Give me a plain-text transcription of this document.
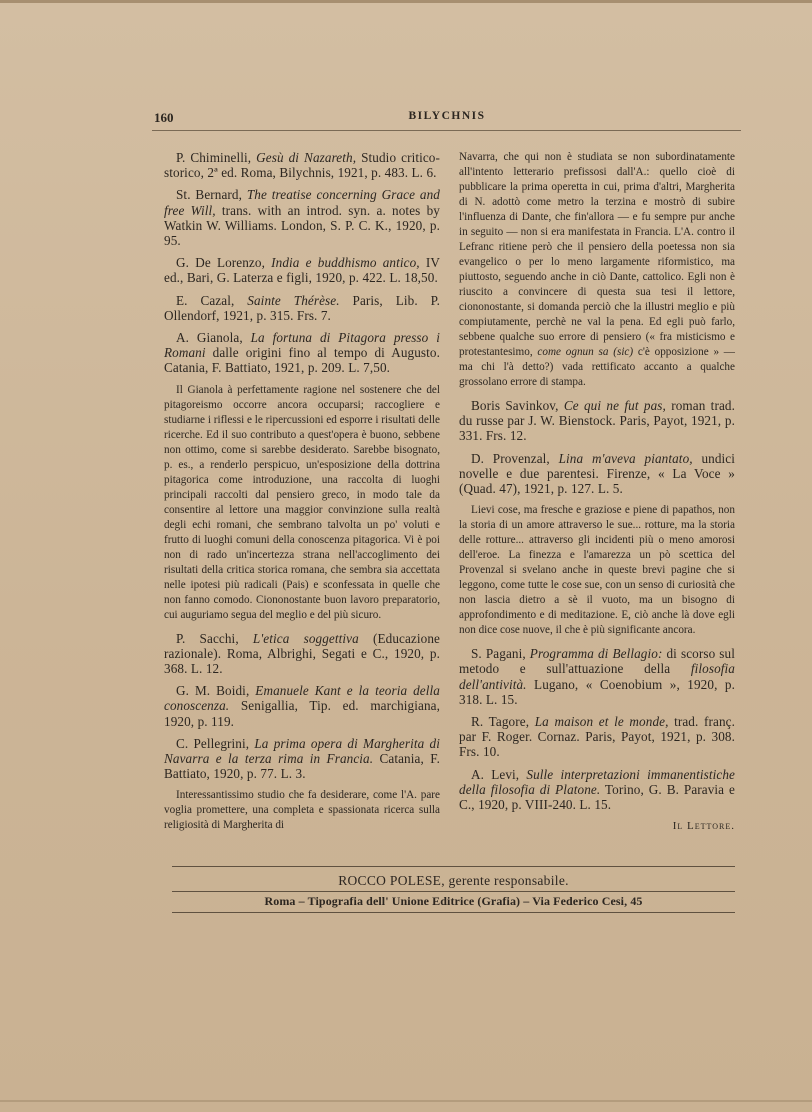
160	BILYCHNIS

P. Chiminelli, Gesù di Nazareth, Studio critico-storico, 2ª ed. Roma, Bilychnis, 1921, p. 483. L. 6.

St. Bernard, The treatise concerning Grace and free Will, trans. with an introd. syn. a. notes by Watkin W. Williams. London, S. P. C. K., 1920, p. 95.

G. De Lorenzo, India e buddhismo antico, IV ed., Bari, G. Laterza e figli, 1920, p. 422. L. 18,50.

E. Cazal, Sainte Thérèse. Paris, Lib. P. Ollendorf, 1921, p. 315. Frs. 7.

A. Gianola, La fortuna di Pitagora presso i Romani dalle origini fino al tempo di Augusto. Catania, F. Battiato, 1921, p. 209. L. 7,50.

Il Gianola à perfettamente ragione nel sostenere che del pitagoreismo occorre ancora occuparsi; raccogliere e studiarne i riflessi e le ripercussioni ed esporre i risultati delle ricerche. Ed il suo contributo a quest'opera è buono, sebbene non ottimo, come si sarebbe desiderato. Sarebbe bisognato, p. es., a renderlo perspicuo, un'esposizione della dottrina pitagorica come introduzione, una raccolta di luoghi principali raccolti dal pensiero greco, in modo tale da consentire al lettore una maggior convinzione sulla realtà degli echi romani, che sembrano talvolta un po' voluti e frutto di luoghi comuni della conoscenza pitagorica. Vi è poi non di rado un'incertezza strana nell'accoglimento dei risultati della critica storica romana, che sembra sia accettata nelle ipotesi più radicali (Pais) e sconfessata in quelle che non fanno comodo. Ciononostante buon lavoro preparatorio, cui auguriamo segua del meglio e del più sicuro.

P. Sacchi, L'etica soggettiva (Educazione razionale). Roma, Albrighi, Segati e C., 1920, p. 368. L. 12.

G. M. Boidi, Emanuele Kant e la teoria della conoscenza. Senigallia, Tip. ed. marchigiana, 1920, p. 119.

C. Pellegrini, La prima opera di Margherita di Navarra e la terza rima in Francia. Catania, F. Battiato, 1920, p. 77. L. 3.

Interessantissimo studio che fa desiderare, come l'A. pare voglia promettere, una completa e spassionata ricerca sulla religiosità di Margherita di

Navarra, che qui non è studiata se non subordinatamente all'intento letterario prefissosi dall'A.: quello cioè di pubblicare la prima operetta in cui, prima d'altri, Margherita di N. adottò come metro la terzina e mostrò di subire l'influenza di Dante, che fin'allora — e fu sempre pur anche in seguito — non si era manifestata in Francia. L'A. contro il Lefranc ritiene però che il pensiero della poetessa non sia evangelico o per lo meno largamente riformistico, ma piuttosto, seguendo anche in ciò Dante, cattolico. Egli non è riuscito a convincere di questa sua tesi il lettore, ciononostante, si domanda perciò che la illustri meglio e più compiutamente, perchè ne val la pena. Ed egli può farlo, sebbene qualche suo errore di pensiero (« fra misticismo e protestantesimo, come ognun sa (sic) c'è opposizione » — ma chi l'à detto?) vada rettificato accanto a qualche grossolano errore di stampa.

Boris Savinkov, Ce qui ne fut pas, roman trad. du russe par J. W. Bienstock. Paris, Payot, 1921, p. 331. Frs. 12.

D. Provenzal, Lina m'aveva piantato, undici novelle e due parentesi. Firenze, « La Voce » (Quad. 47), 1921, p. 127. L. 5.

Lievi cose, ma fresche e graziose e piene di papathos, non la storia di un amore attraverso le sue... rotture, ma la storia delle rotture... attraverso gli incidenti più o meno amorosi dell'eroe. La finezza e l'amarezza un pò scettica del Provenzal si svelano anche in queste brevi pagine che si leggono, come tutte le cose sue, con un senso di curiosità che non lascia dietro a sè il vuoto, ma un bisogno di approfondimento e di meditazione. E, ciò anche là dove egli non dice cose nuove, il che è più significante ancora.

S. Pagani, Programma di Bellagio: di scorso sul metodo e sull'attuazione della filosofia dell'antività. Lugano, « Coenobium », 1920, p. 318. L. 15.

R. Tagore, La maison et le monde, trad. franç. par F. Roger. Cornaz. Paris, Payot, 1921, p. 308. Frs. 10.

A. Levi, Sulle interpretazioni immanentistiche della filosofia di Platone. Torino, G. B. Paravia e C., 1920, p. VIII-240. L. 15.

Il Lettore.

ROCCO POLESE, gerente responsabile.
Roma – Tipografia dell' Unione Editrice (Grafia) – Via Federico Cesi, 45
